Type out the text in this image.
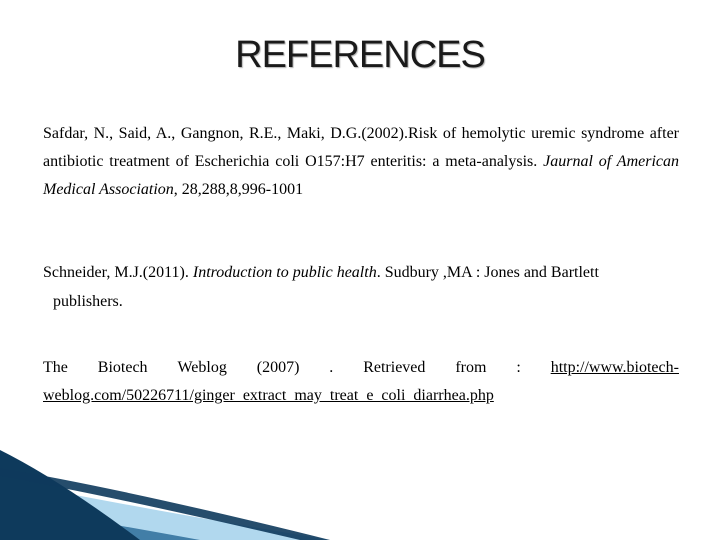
REFERENCES
Safdar, N., Said, A., Gangnon, R.E., Maki, D.G.(2002).Risk of hemolytic uremic syndrome after antibiotic treatment of Escherichia coli O157:H7 enteritis: a meta-analysis. Jaurnal of American Medical Association, 28,288,8,996-1001
Schneider, M.J.(2011). Introduction to public health. Sudbury ,MA : Jones and Bartlett
publishers.
The Biotech Weblog (2007) . Retrieved from : http://www.biotech-
weblog.com/50226711/ginger_extract_may_treat_e_coli_diarrhea.php
